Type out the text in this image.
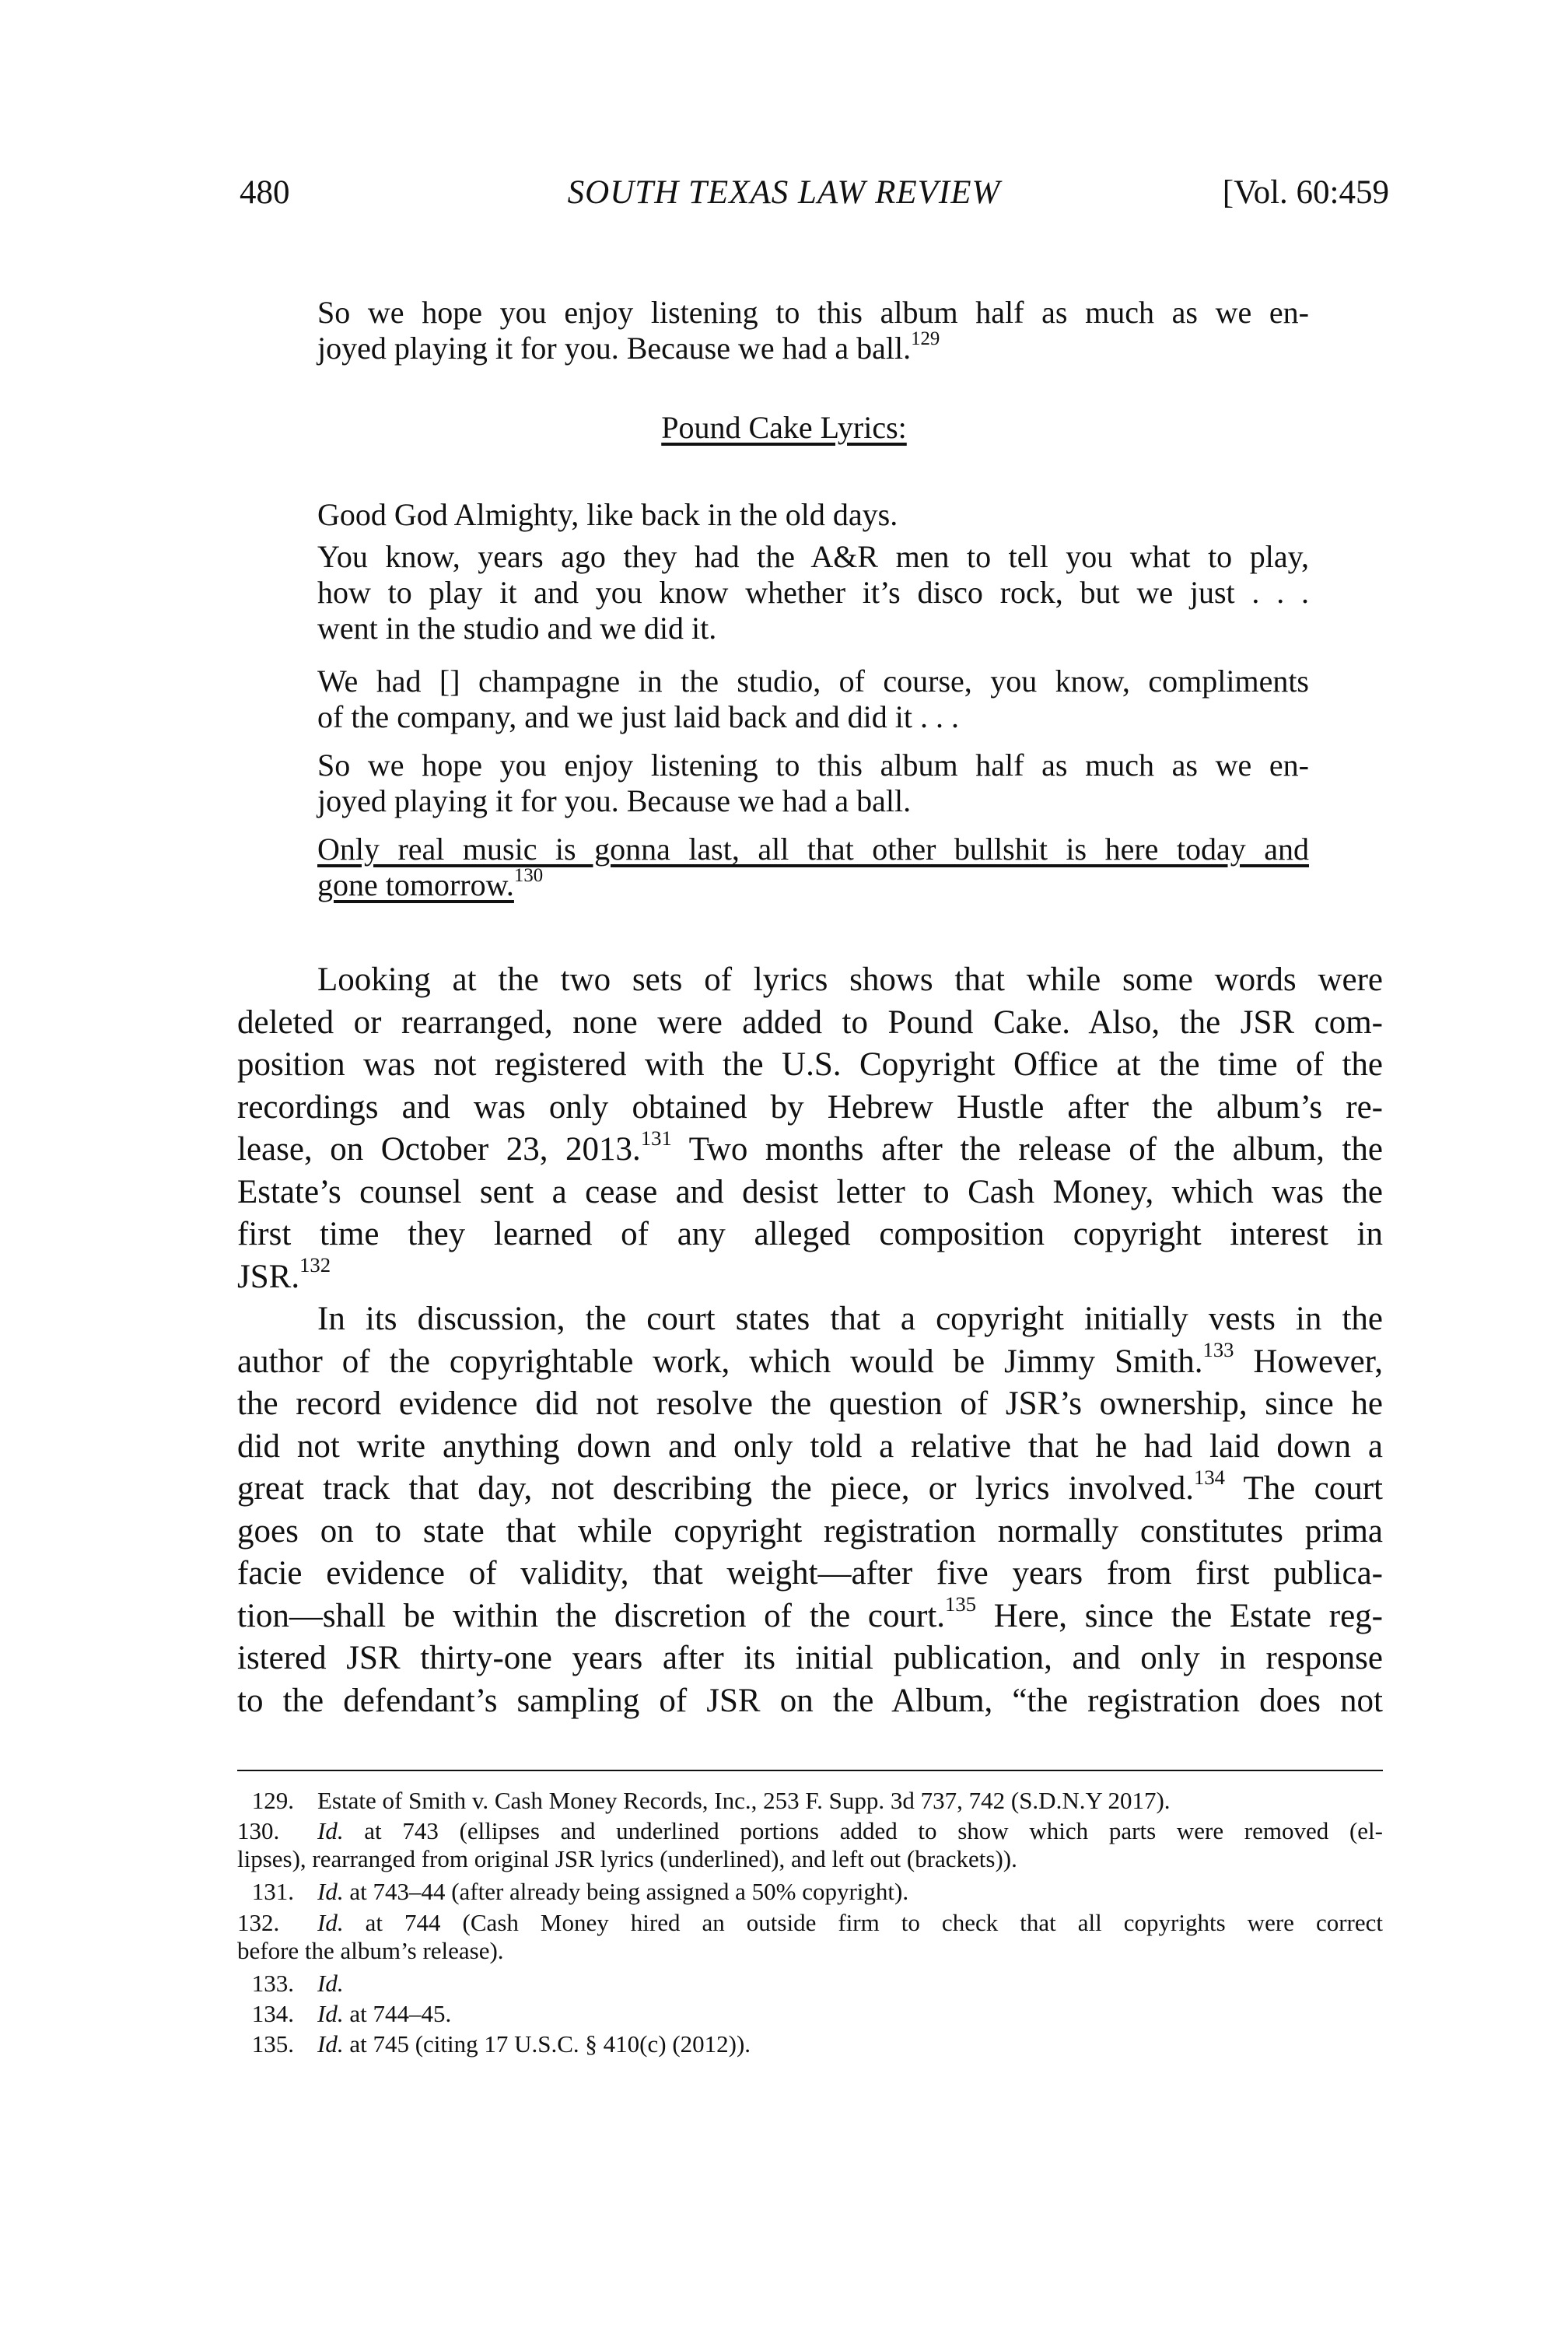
480	SOUTH TEXAS LAW REVIEW	[Vol. 60:459
So we hope you enjoy listening to this album half as much as we en-
joyed playing it for you. Because we had a ball.$^{129}$
Pound Cake Lyrics:
Good God Almighty, like back in the old days.
You know, years ago they had the A&R men to tell you what to play,
how to play it and you know whether it’s disco rock, but we just . . .
went in the studio and we did it.
We had [] champagne in the studio, of course, you know, compliments
of the company, and we just laid back and did it . . .
So we hope you enjoy listening to this album half as much as we en-
joyed playing it for you. Because we had a ball.
Only real music is gonna last, all that other bullshit is here today and
gone tomorrow.$^{130}$
Looking at the two sets of lyrics shows that while some words were
deleted or rearranged, none were added to Pound Cake. Also, the JSR com-
position was not registered with the U.S. Copyright Office at the time of the
recordings and was only obtained by Hebrew Hustle after the album’s re-
lease, on October 23, 2013.$^{131}$ Two months after the release of the album, the
Estate’s counsel sent a cease and desist letter to Cash Money, which was the
first time they learned of any alleged composition copyright interest in
JSR.$^{132}$
In its discussion, the court states that a copyright initially vests in the
author of the copyrightable work, which would be Jimmy Smith.$^{133}$ However,
the record evidence did not resolve the question of JSR’s ownership, since he
did not write anything down and only told a relative that he had laid down a
great track that day, not describing the piece, or lyrics involved.$^{134}$ The court
goes on to state that while copyright registration normally constitutes prima
facie evidence of validity, that weight—after five years from first publica-
tion—shall be within the discretion of the court.$^{135}$ Here, since the Estate reg-
istered JSR thirty-one years after its initial publication, and only in response
to the defendant’s sampling of JSR on the Album, “the registration does not
129. Estate of Smith v. Cash Money Records, Inc., 253 F. Supp. 3d 737, 742 (S.D.N.Y 2017).
130. Id. at 743 (ellipses and underlined portions added to show which parts were removed (el-
lipses), rearranged from original JSR lyrics (underlined), and left out (brackets)).
131. Id. at 743–44 (after already being assigned a 50% copyright).
132. Id. at 744 (Cash Money hired an outside firm to check that all copyrights were correct
before the album’s release).
133. Id.
134. Id. at 744–45.
135. Id. at 745 (citing 17 U.S.C. § 410(c) (2012)).
